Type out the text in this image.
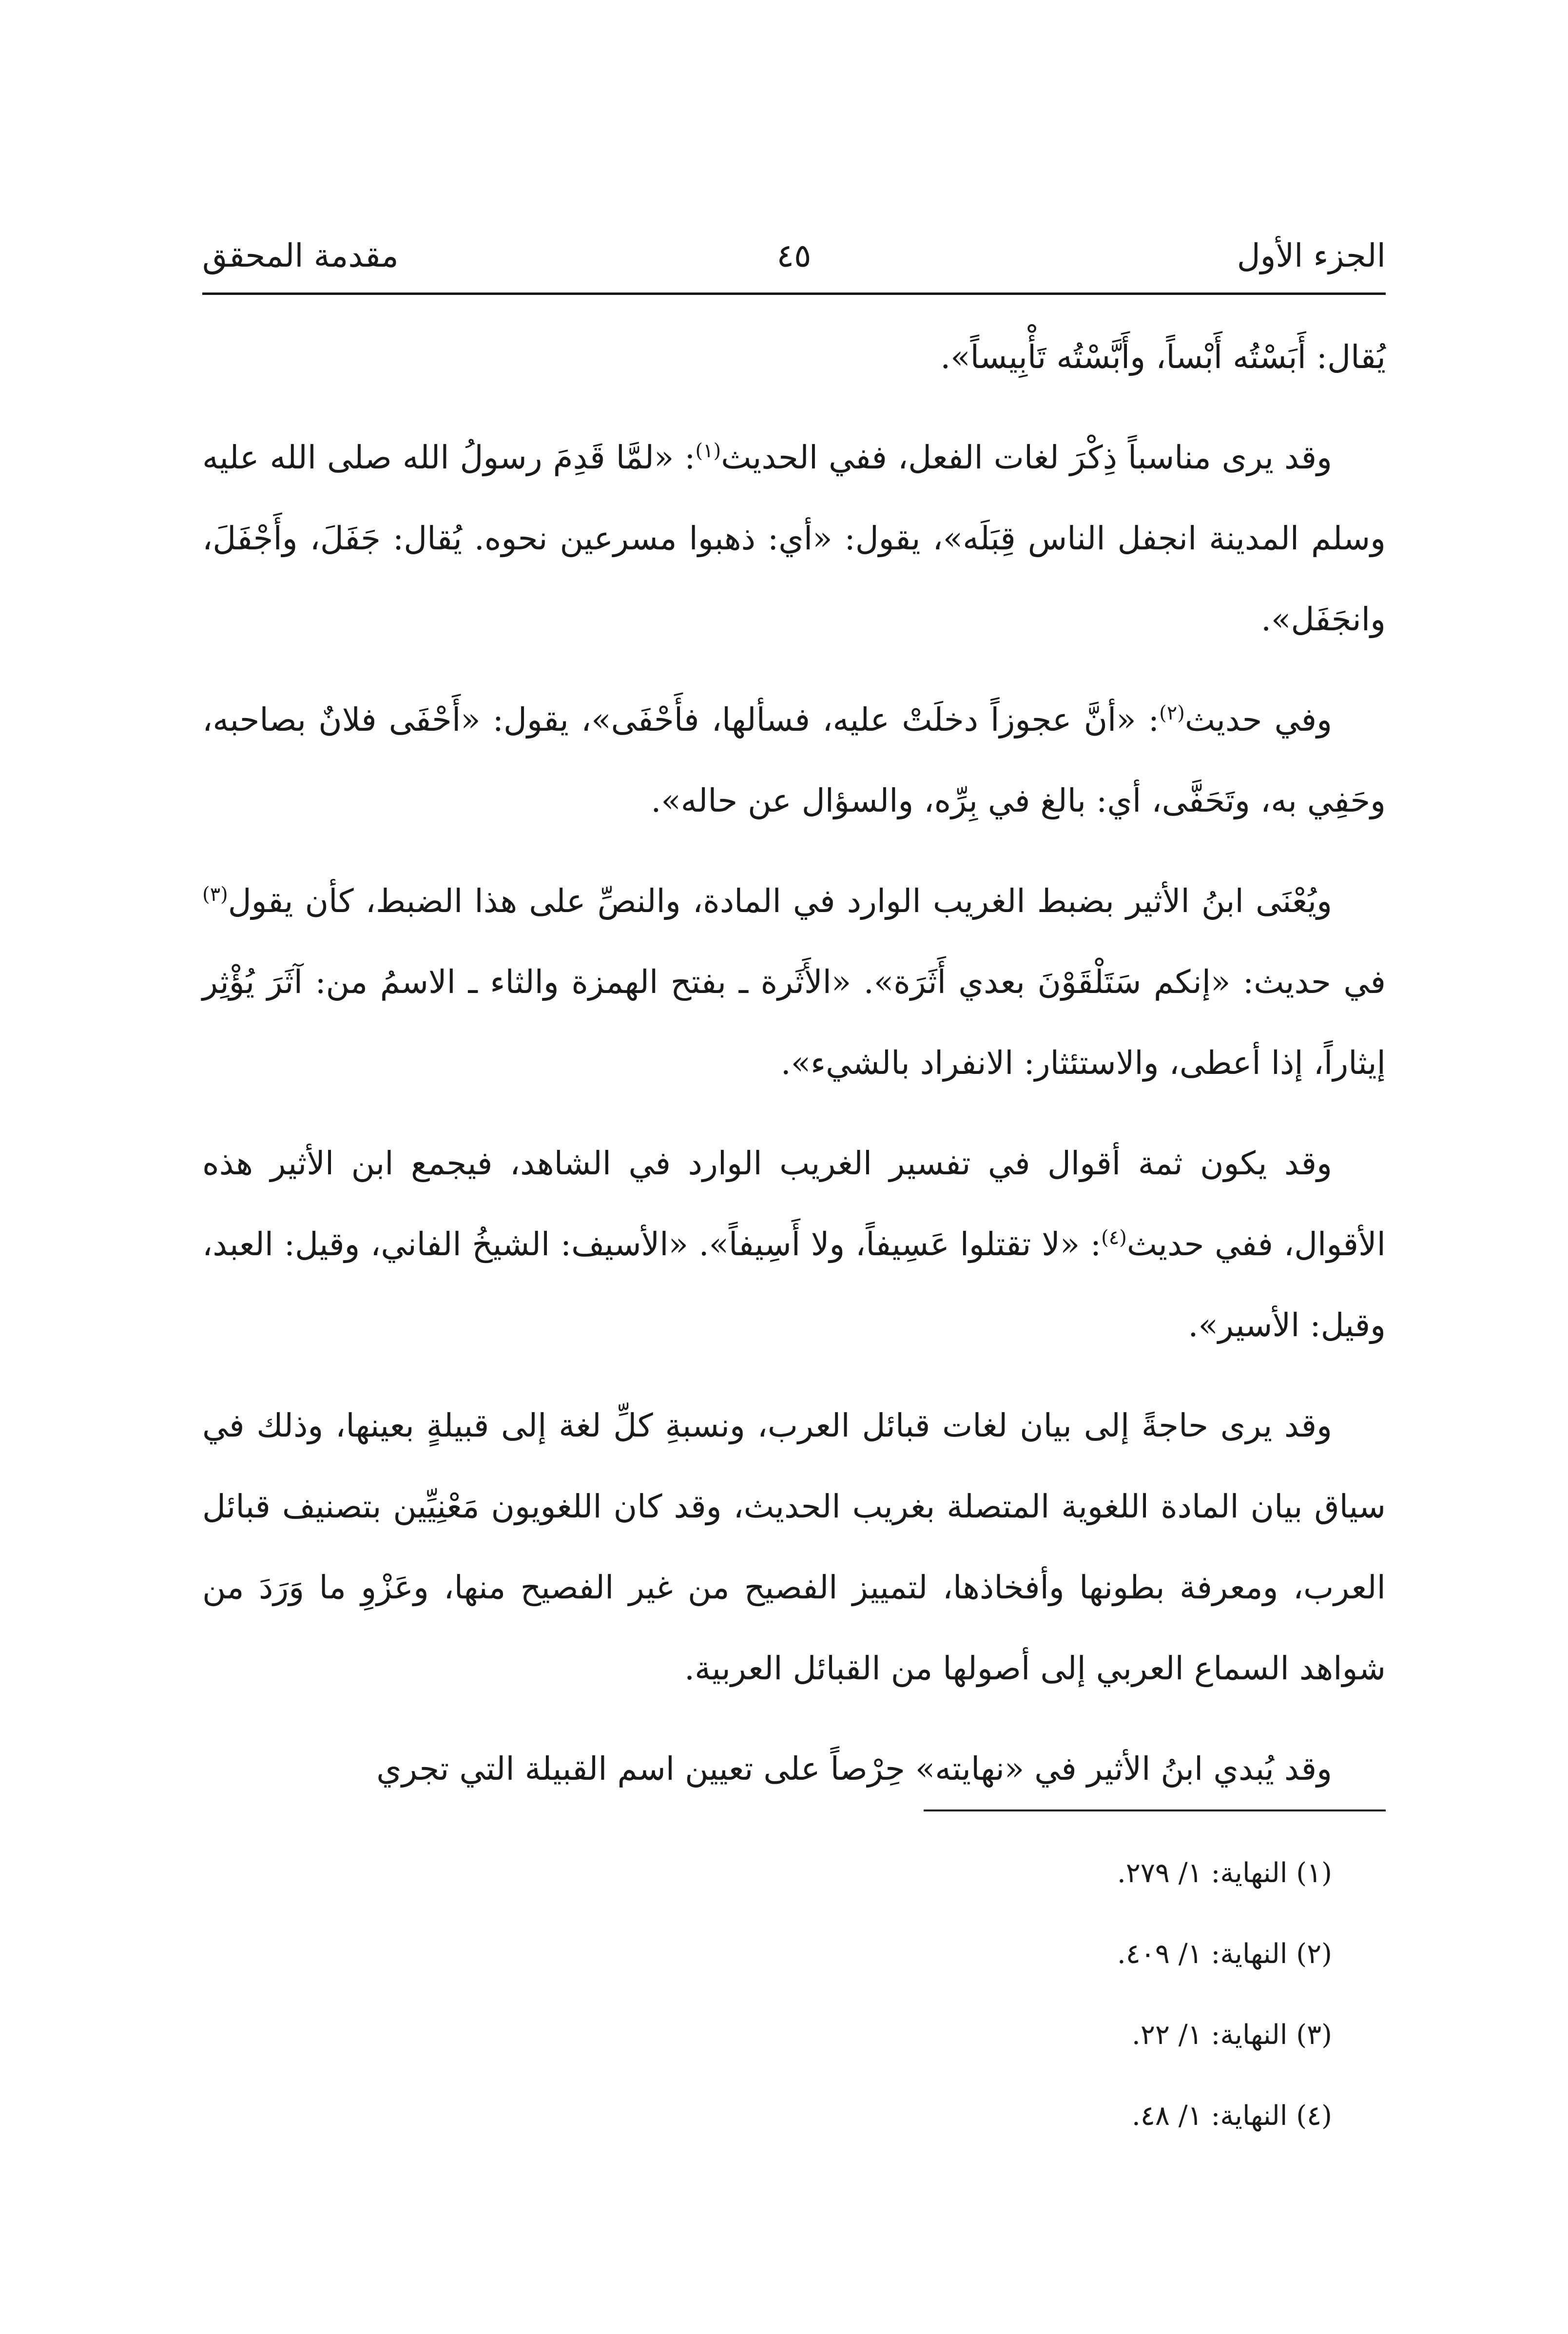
الجزء الأول
٤٥
مقدمة المحقق

يُقال: أَبَسْتُه أَبْساً، وأَبَّسْتُه تَأْبِيساً».

وقد يرى مناسباً ذِكْرَ لغات الفعل، ففي الحديث$^{(١)}$: «لمَّا قَدِمَ رسولُ الله صلى الله عليه وسلم المدينة انجفل الناس قِبَلَه»، يقول: «أي: ذهبوا مسرعين نحوه. يُقال: جَفَلَ، وأَجْفَلَ، وانجَفَل».

وفي حديث$^{(٢)}$: «أنَّ عجوزاً دخلَتْ عليه، فسألها، فأَحْفَى»، يقول: «أَحْفَى فلانٌ بصاحبه، وحَفِي به، وتَحَفَّى، أي: بالغ في بِرِّه، والسؤال عن حاله».

ويُعْنَى ابنُ الأثير بضبط الغريب الوارد في المادة، والنصِّ على هذا الضبط، كأن يقول$^{(٣)}$ في حديث: «إنكم سَتَلْقَوْنَ بعدي أَثَرَة». «الأَثَرة ـ بفتح الهمزة والثاء ـ الاسمُ من: آثَرَ يُؤْثِر إيثاراً، إذا أعطى، والاستئثار: الانفراد بالشيء».

وقد يكون ثمة أقوال في تفسير الغريب الوارد في الشاهد، فيجمع ابن الأثير هذه الأقوال، ففي حديث$^{(٤)}$: «لا تقتلوا عَسِيفاً، ولا أَسِيفاً». «الأسيف: الشيخُ الفاني، وقيل: العبد، وقيل: الأسير».

وقد يرى حاجةً إلى بيان لغات قبائل العرب، ونسبةِ كلِّ لغة إلى قبيلةٍ بعينها، وذلك في سياق بيان المادة اللغوية المتصلة بغريب الحديث، وقد كان اللغويون مَعْنِيِّين بتصنيف قبائل العرب، ومعرفة بطونها وأفخاذها، لتمييز الفصيح من غير الفصيح منها، وعَزْوِ ما وَرَدَ من شواهد السماع العربي إلى أصولها من القبائل العربية.

وقد يُبدي ابنُ الأثير في «نهايته» حِرْصاً على تعيين اسم القبيلة التي تجري

(١) النهاية: ١/ ٢٧٩.
(٢) النهاية: ١/ ٤٠٩.
(٣) النهاية: ١/ ٢٢.
(٤) النهاية: ١/ ٤٨.
